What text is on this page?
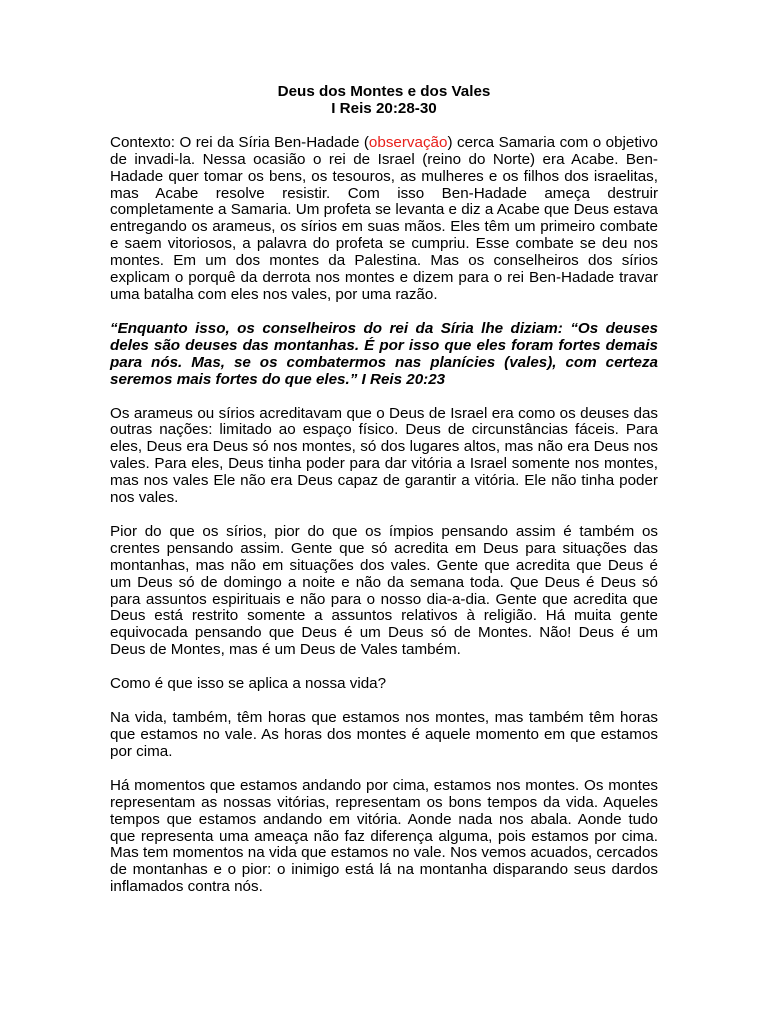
Deus dos Montes e dos Vales
I Reis 20:28-30

Contexto: O rei da Síria Ben-Hadade (observação) cerca Samaria com o objetivo de invadi-la. Nessa ocasião o rei de Israel (reino do Norte) era Acabe. Ben-Hadade quer tomar os bens, os tesouros, as mulheres e os filhos dos israelitas, mas Acabe resolve resistir. Com isso Ben-Hadade ameça destruir completamente a Samaria. Um profeta se levanta e diz a Acabe que Deus estava entregando os arameus, os sírios em suas mãos. Eles têm um primeiro combate e saem vitoriosos, a palavra do profeta se cumpriu. Esse combate se deu nos montes. Em um dos montes da Palestina. Mas os conselheiros dos sírios explicam o porquê da derrota nos montes e dizem para o rei Ben-Hadade travar uma batalha com eles nos vales, por uma razão.

“Enquanto isso, os conselheiros do rei da Síria lhe diziam: “Os deuses deles são deuses das montanhas. É por isso que eles foram fortes demais para nós. Mas, se os combatermos nas planícies (vales), com certeza seremos mais fortes do que eles.” I Reis 20:23

Os arameus ou sírios acreditavam que o Deus de Israel era como os deuses das outras nações: limitado ao espaço físico. Deus de circunstâncias fáceis. Para eles, Deus era Deus só nos montes, só dos lugares altos, mas não era Deus nos vales. Para eles, Deus tinha poder para dar vitória a Israel somente nos montes, mas nos vales Ele não era Deus capaz de garantir a vitória. Ele não tinha poder nos vales.

Pior do que os sírios, pior do que os ímpios pensando assim é também os crentes pensando assim. Gente que só acredita em Deus para situações das montanhas, mas não em situações dos vales. Gente que acredita que Deus é um Deus só de domingo a noite e não da semana toda. Que Deus é Deus só para assuntos espirituais e não para o nosso dia-a-dia. Gente que acredita que Deus está restrito somente a assuntos relativos à religião. Há muita gente equivocada pensando que Deus é um Deus só de Montes. Não! Deus é um Deus de Montes, mas é um Deus de Vales também.

Como é que isso se aplica a nossa vida?

Na vida, também, têm horas que estamos nos montes, mas também têm horas que estamos no vale. As horas dos montes é aquele momento em que estamos por cima.

Há momentos que estamos andando por cima, estamos nos montes. Os montes representam as nossas vitórias, representam os bons tempos da vida. Aqueles tempos que estamos andando em vitória. Aonde nada nos abala. Aonde tudo que representa uma ameaça não faz diferença alguma, pois estamos por cima. Mas tem momentos na vida que estamos no vale. Nos vemos acuados, cercados de montanhas e o pior: o inimigo está lá na montanha disparando seus dardos inflamados contra nós.
